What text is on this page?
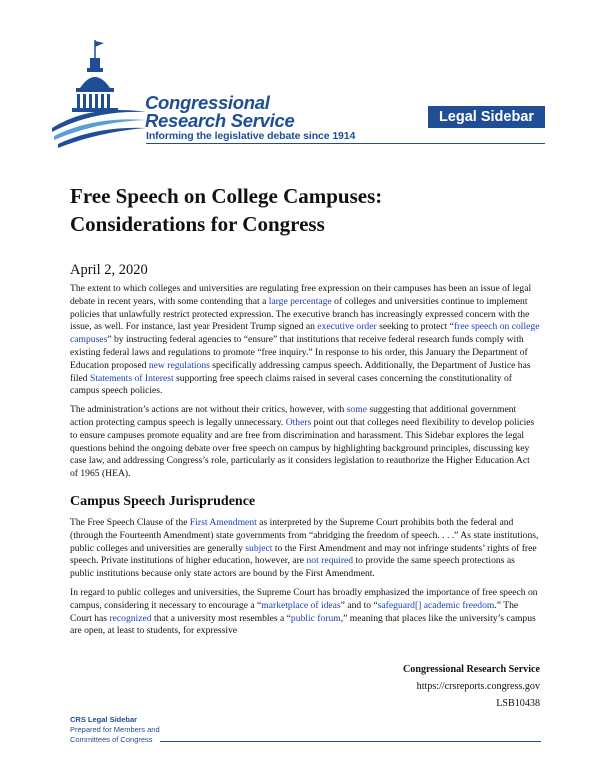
Congressional
Research Service
Informing the legislative debate since 1914
Legal Sidebar
Free Speech on College Campuses:
Considerations for Congress

April 2, 2020

The extent to which colleges and universities are regulating free expression on their campuses has been an issue of legal debate in recent years, with some contending that a large percentage of colleges and universities continue to implement policies that unlawfully restrict protected expression. The executive branch has increasingly expressed concern with the issue, as well. For instance, last year President Trump signed an executive order seeking to protect “free speech on college campuses” by instructing federal agencies to “ensure” that institutions that receive federal research funds comply with existing federal laws and regulations to promote “free inquiry.” In response to his order, this January the Department of Education proposed new regulations specifically addressing campus speech. Additionally, the Department of Justice has filed Statements of Interest supporting free speech claims raised in several cases concerning the constitutionality of campus speech policies.

The administration’s actions are not without their critics, however, with some suggesting that additional government action protecting campus speech is legally unnecessary. Others point out that colleges need flexibility to develop policies to ensure campuses promote equality and are free from discrimination and harassment. This Sidebar explores the legal questions behind the ongoing debate over free speech on campus by highlighting background principles, discussing key case law, and addressing Congress’s role, particularly as it considers legislation to reauthorize the Higher Education Act of 1965 (HEA).

Campus Speech Jurisprudence

The Free Speech Clause of the First Amendment as interpreted by the Supreme Court prohibits both the federal and (through the Fourteenth Amendment) state governments from “abridging the freedom of speech. . . .” As state institutions, public colleges and universities are generally subject to the First Amendment and may not infringe students’ rights of free speech. Private institutions of higher education, however, are not required to provide the same speech protections as public institutions because only state actors are bound by the First Amendment.

In regard to public colleges and universities, the Supreme Court has broadly emphasized the importance of free speech on campus, considering it necessary to encourage a “marketplace of ideas” and to “safeguard[] academic freedom.” The Court has recognized that a university most resembles a “public forum,” meaning that places like the university’s campus are open, at least to students, for expressive

Congressional Research Service
https://crsreports.congress.gov
LSB10438
CRS Legal Sidebar
Prepared for Members and
Committees of Congress
